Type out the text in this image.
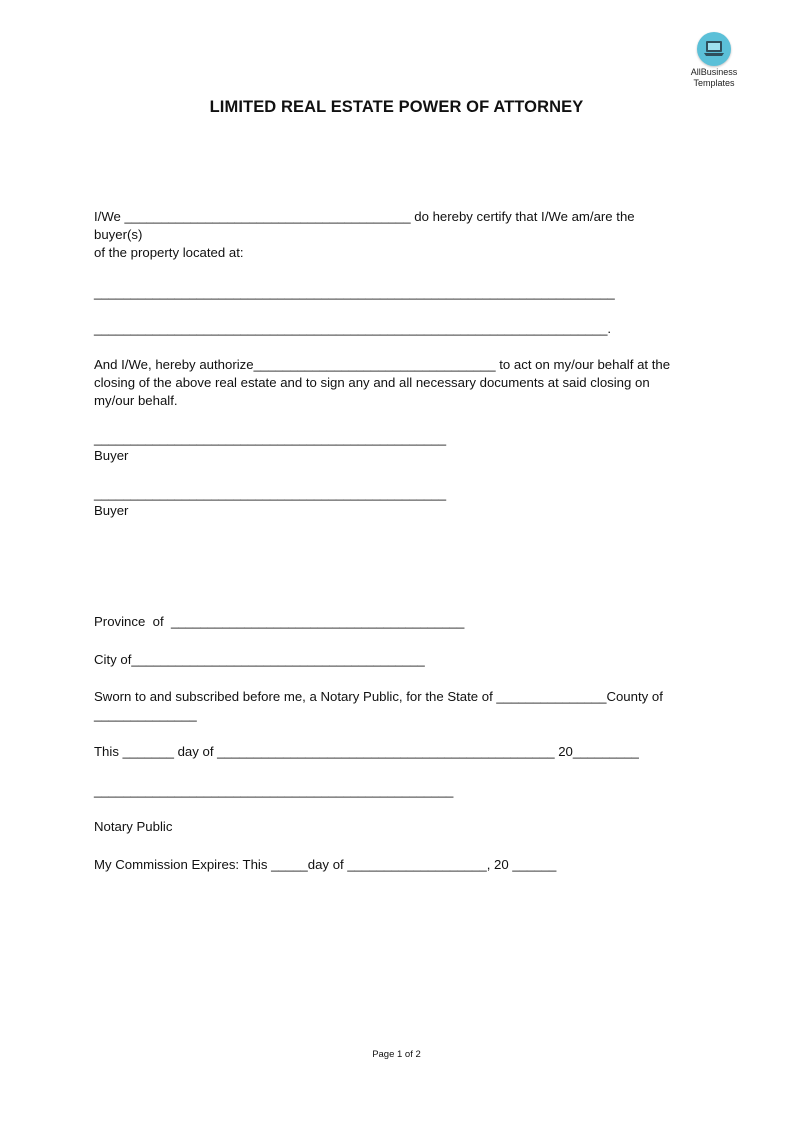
AllBusiness
Templates
LIMITED REAL ESTATE POWER OF ATTORNEY
I/We _______________________________________ do hereby certify that I/We am/are the
buyer(s)
of the property located at:
_______________________________________________________________________
______________________________________________________________________.
And I/We, hereby authorize_________________________________ to act on my/our behalf at the
closing of the above real estate and to sign any and all necessary documents at said closing on
my/our behalf.
________________________________________________
Buyer
________________________________________________
Buyer
Province  of  ________________________________________
City of________________________________________
Sworn to and subscribed before me, a Notary Public, for the State of _______________County of
______________
This _______ day of ______________________________________________ 20_________
_________________________________________________
Notary Public
My Commission Expires: This _____day of ___________________, 20 ______
Page 1 of 2
